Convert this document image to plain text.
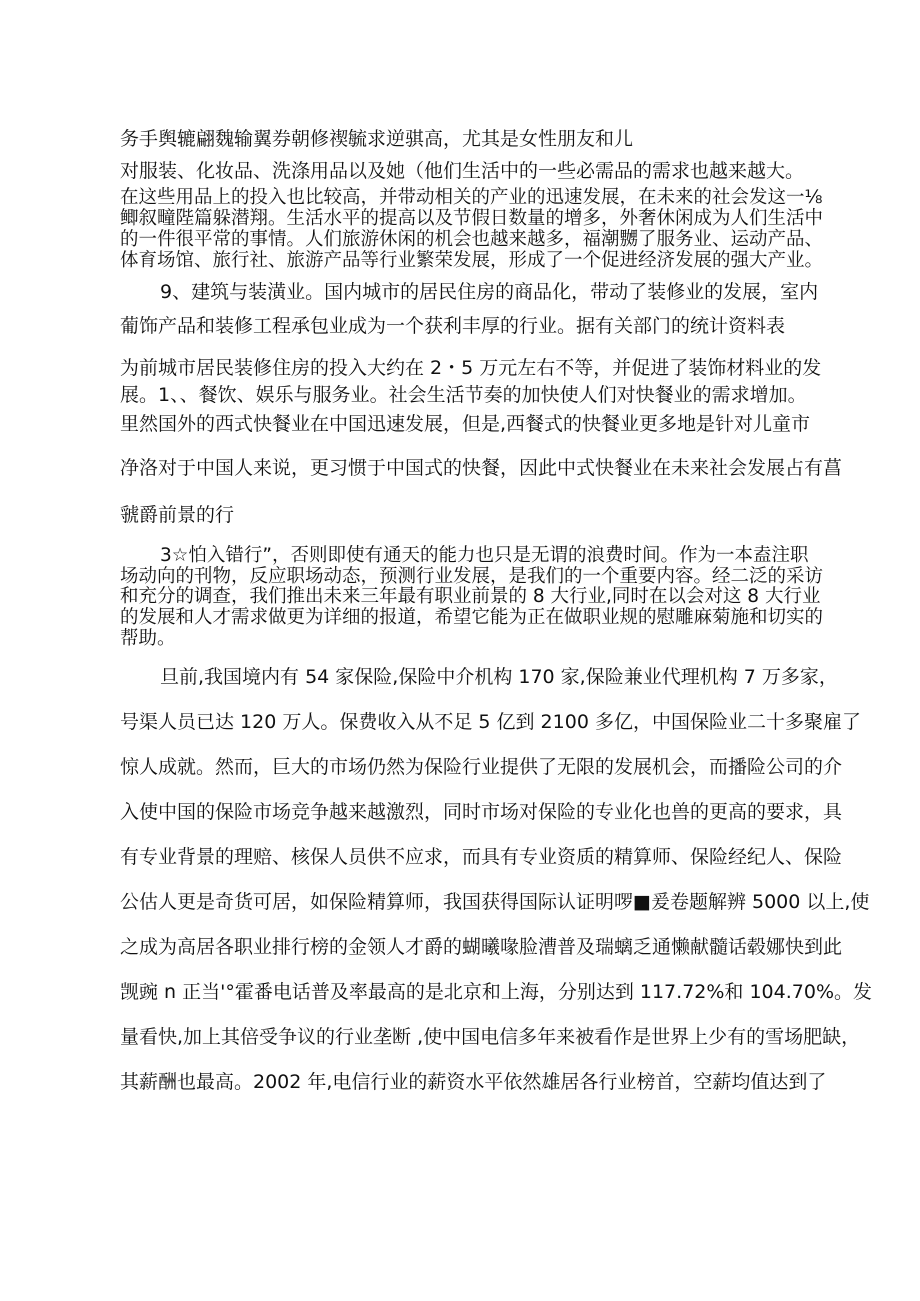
务手舆辘翩魏输翼券朝修禊毓求逆骐高，尤其是女性朋友和儿
对服装、化妆品、洗涤用品以及她（他们生活中的一些必需品的需求也越来越大。
在这些用品上的投入也比较高，并带动相关的产业的迅速发展，在未来的社会发这一⅛
鲫叙疃陛篇躲潜翔。生活水平的提高以及节假日数量的增多，外奢休闲成为人们生活中
的一件很平常的事情。人们旅游休闲的机会也越来越多，福潮嬲了服务业、运动产品、
体育场馆、旅行社、旅游产品等行业繁荣发展，形成了一个促进经济发展的强大产业。
9、建筑与装潢业。国内城市的居民住房的商品化，带动了装修业的发展，室内
葡饰产品和装修工程承包业成为一个获利丰厚的行业。据有关部门的统计资料表
为前城市居民装修住房的投入大约在 2・5 万元左右不等，并促进了装饰材料业的发
展。1、、餐饮、娱乐与服务业。社会生活节奏的加快使人们对快餐业的需求增加。
里然国外的西式快餐业在中国迅速发展，但是,西餐式的快餐业更多地是针对儿童市
净洛对于中国人来说，更习惯于中国式的快餐，因此中式快餐业在未来社会发展占有菖
虢爵前景的行
3☆怕入错行”，否则即使有通天的能力也只是无谓的浪费时间。作为一本盍注职
场动向的刊物，反应职场动态，预测行业发展，是我们的一个重要内容。经二泛的采访
和充分的调查，我们推出未来三年最有职业前景的 8 大行业,同时在以会对这 8 大行业
的发展和人才需求做更为详细的报道，希望它能为正在做职业规的慰雕麻菊施和切实的
帮助。
旦前,我国境内有 54 家保险,保险中介机构 170 家,保险兼业代理机构 7 万多家，
号渠人员已达 120 万人。保费收入从不足 5 亿到 2100 多亿，中国保险业二十多聚雇了
惊人成就。然而，巨大的市场仍然为保险行业提供了无限的发展机会，而播险公司的介
入使中国的保险市场竞争越来越激烈，同时市场对保险的专业化也兽的更高的要求，具
有专业背景的理赔、核保人员供不应求，而具有专业资质的精算师、保险经纪人、保险
公估人更是奇货可居，如保险精算师，我国获得国际认证明啰■爰卷题解辨 5000 以上,使
之成为高居各职业排行榜的金领人才爵的蝴曦喙脸漕普及瑞螭乏通懒献髓话毂娜快到此
觊豌 n 正当'°霍番电话普及率最高的是北京和上海，分别达到 117.72%和 104.70%。发
量看快,加上其倍受争议的行业垄断 ,使中国电信多年来被看作是世界上少有的雪场肥缺，
其薪酬也最高。2002 年,电信行业的薪资水平依然雄居各行业榜首，空薪均值达到了
